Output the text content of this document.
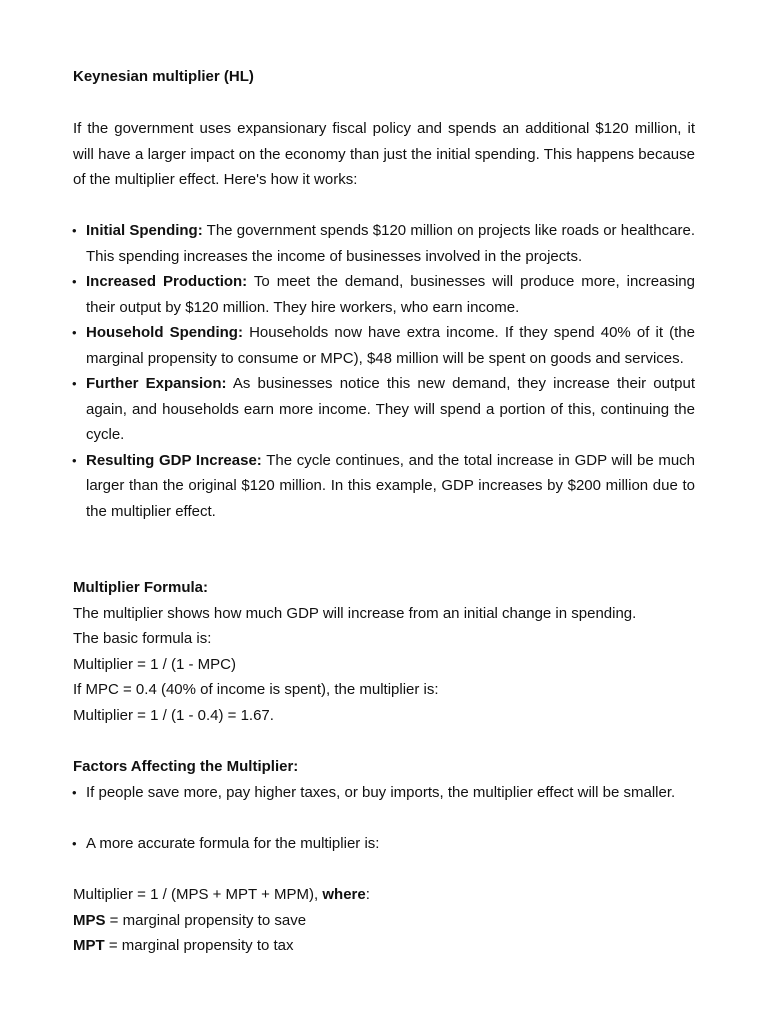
Keynesian multiplier (HL)
If the government uses expansionary fiscal policy and spends an additional $120 million, it will have a larger impact on the economy than just the initial spending. This happens because of the multiplier effect. Here's how it works:
• Initial Spending: The government spends $120 million on projects like roads or healthcare. This spending increases the income of businesses involved in the projects.
• Increased Production: To meet the demand, businesses will produce more, increasing their output by $120 million. They hire workers, who earn income.
• Household Spending: Households now have extra income. If they spend 40% of it (the marginal propensity to consume or MPC), $48 million will be spent on goods and services.
• Further Expansion: As businesses notice this new demand, they increase their output again, and households earn more income. They will spend a portion of this, continuing the cycle.
• Resulting GDP Increase: The cycle continues, and the total increase in GDP will be much larger than the original $120 million. In this example, GDP increases by $200 million due to the multiplier effect.
Multiplier Formula:
The multiplier shows how much GDP will increase from an initial change in spending.
The basic formula is:
Multiplier = 1 / (1 - MPC)
If MPC = 0.4 (40% of income is spent), the multiplier is:
Multiplier = 1 / (1 - 0.4) = 1.67.
Factors Affecting the Multiplier:
• If people save more, pay higher taxes, or buy imports, the multiplier effect will be smaller.
• A more accurate formula for the multiplier is:
Multiplier = 1 / (MPS + MPT + MPM), where:
MPS = marginal propensity to save
MPT = marginal propensity to tax
